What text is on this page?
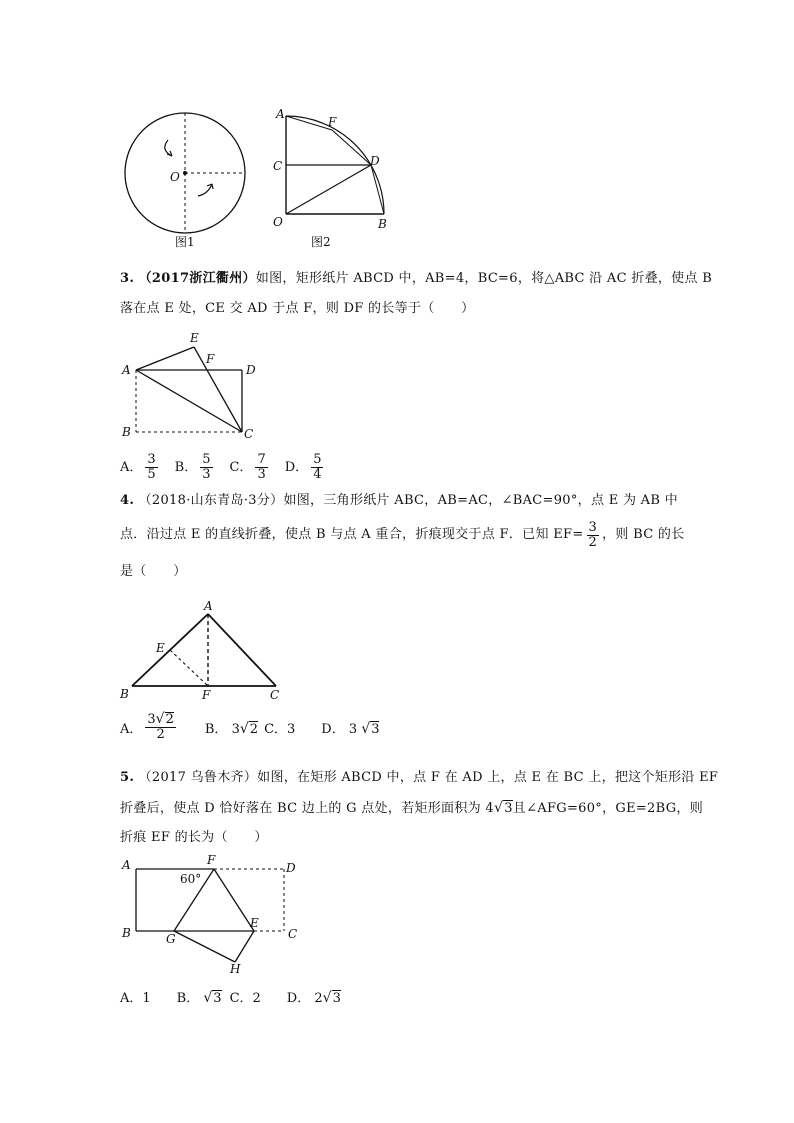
O
图1
A
F
C	D
O	B
图2
3. （2017浙江衢州）如图，矩形纸片 ABCD 中，AB=4，BC=6，将△ABC 沿 AC 折叠，使点 B
落在点 E 处，CE 交 AD 于点 F，则 DF 的长等于（　　）
E
F
A	D
B	C
A． $\frac{3}{5}$ B． $\frac{5}{3}$ C． $\frac{7}{3}$ D． $\frac{5}{4}$
4. （2018·山东青岛·3分）如图，三角形纸片 ABC，AB=AC，∠BAC=90°，点 E 为 AB 中
点．沿过点 E 的直线折叠，使点 B 与点 A 重合，折痕现交于点 F．已知 $EF= \frac{3}{2}$ ，则 BC 的长
是（　　）
A
E
B	F	C
A． $\frac{3√2}{2}$ B． 3√2 C．3 D． 3 √3
5. （2017 乌鲁木齐）如图，在矩形 ABCD 中，点 F 在 AD 上，点 E 在 BC 上，把这个矩形沿 EF
折叠后，使点 D 恰好落在 BC 边上的 G 点处，若矩形面积为 4√3且∠AFG=60°，GE=2BG，则
折痕 EF 的长为（　　）
A	F
D
60°
B	G
E
C
H
A．1 B． √3 C．2 D． 2√3
